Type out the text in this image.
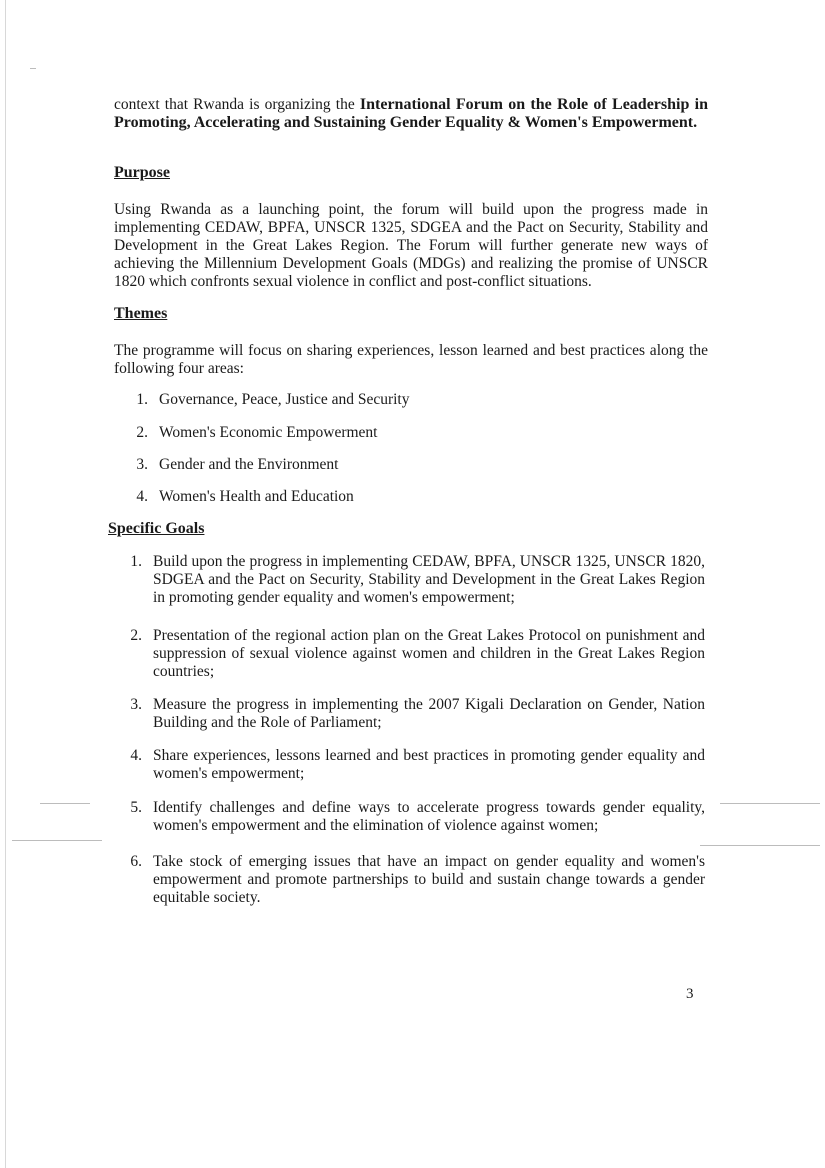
context that Rwanda is organizing the International Forum on the Role of Leadership in Promoting, Accelerating and Sustaining Gender Equality & Women's Empowerment.
Purpose
Using Rwanda as a launching point, the forum will build upon the progress made in implementing CEDAW, BPFA, UNSCR 1325, SDGEA and the Pact on Security, Stability and Development in the Great Lakes Region. The Forum will further generate new ways of achieving the Millennium Development Goals (MDGs) and realizing the promise of UNSCR 1820 which confronts sexual violence in conflict and post-conflict situations.
Themes
The programme will focus on sharing experiences, lesson learned and best practices along the following four areas:
1. Governance, Peace, Justice and Security
2. Women's Economic Empowerment
3. Gender and the Environment
4. Women's Health and Education
Specific Goals
1. Build upon the progress in implementing CEDAW, BPFA, UNSCR 1325, UNSCR 1820, SDGEA and the Pact on Security, Stability and Development in the Great Lakes Region in promoting gender equality and women's empowerment;
2. Presentation of the regional action plan on the Great Lakes Protocol on punishment and suppression of sexual violence against women and children in the Great Lakes Region countries;
3. Measure the progress in implementing the 2007 Kigali Declaration on Gender, Nation Building and the Role of Parliament;
4. Share experiences, lessons learned and best practices in promoting gender equality and women's empowerment;
5. Identify challenges and define ways to accelerate progress towards gender equality, women's empowerment and the elimination of violence against women;
6. Take stock of emerging issues that have an impact on gender equality and women's empowerment and promote partnerships to build and sustain change towards a gender equitable society.
3
